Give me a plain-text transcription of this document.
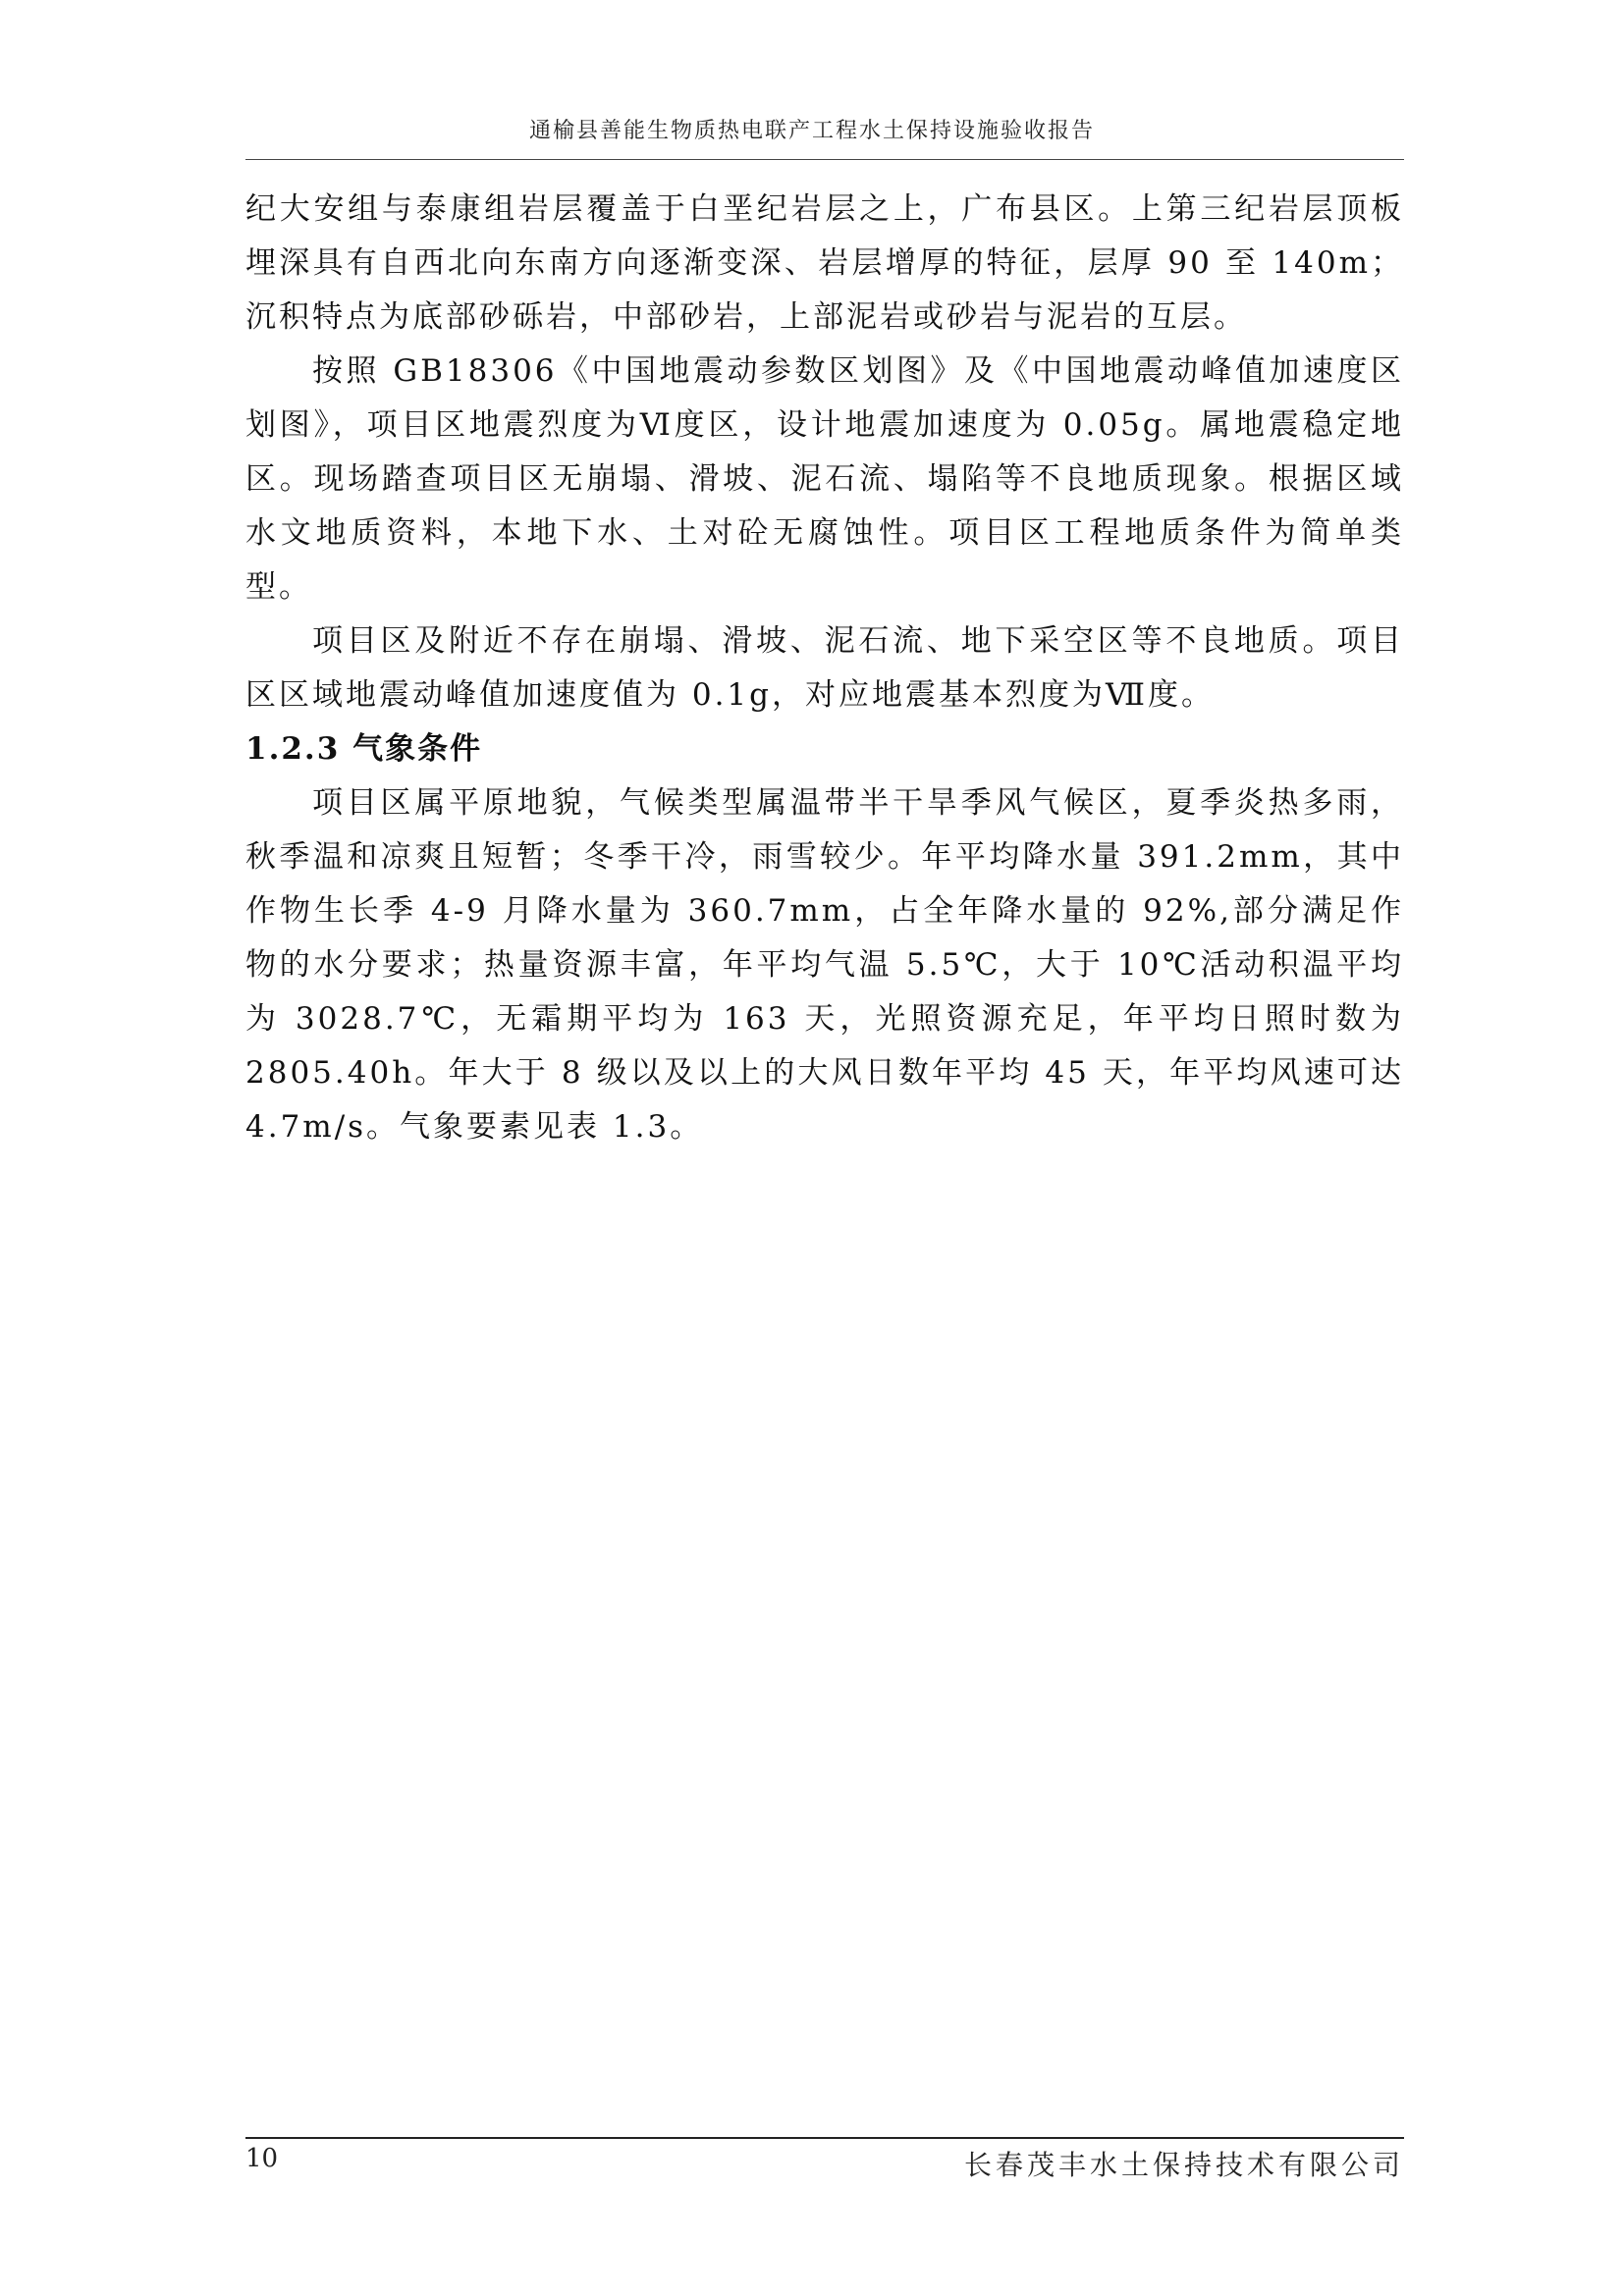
通榆县善能生物质热电联产工程水土保持设施验收报告

纪大安组与泰康组岩层覆盖于白垩纪岩层之上，广布县区。上第三纪岩层顶板埋深具有自西北向东南方向逐渐变深、岩层增厚的特征，层厚 90 至 140m；沉积特点为底部砂砾岩，中部砂岩，上部泥岩或砂岩与泥岩的互层。

按照 GB18306《中国地震动参数区划图》及《中国地震动峰值加速度区划图》，项目区地震烈度为Ⅵ度区，设计地震加速度为 0.05g。属地震稳定地区。现场踏查项目区无崩塌、滑坡、泥石流、塌陷等不良地质现象。根据区域水文地质资料，本地下水、土对砼无腐蚀性。项目区工程地质条件为简单类型。

项目区及附近不存在崩塌、滑坡、泥石流、地下采空区等不良地质。项目区区域地震动峰值加速度值为 0.1g，对应地震基本烈度为Ⅶ度。

1.2.3 气象条件

项目区属平原地貌，气候类型属温带半干旱季风气候区，夏季炎热多雨，秋季温和凉爽且短暂；冬季干冷，雨雪较少。年平均降水量 391.2mm，其中作物生长季 4-9 月降水量为 360.7mm，占全年降水量的 92%,部分满足作物的水分要求；热量资源丰富，年平均气温 5.5℃，大于 10℃活动积温平均为 3028.7℃，无霜期平均为 163 天，光照资源充足，年平均日照时数为 2805.40h。年大于 8 级以及以上的大风日数年平均 45 天，年平均风速可达 4.7m/s。气象要素见表 1.3。

10	长春茂丰水土保持技术有限公司
